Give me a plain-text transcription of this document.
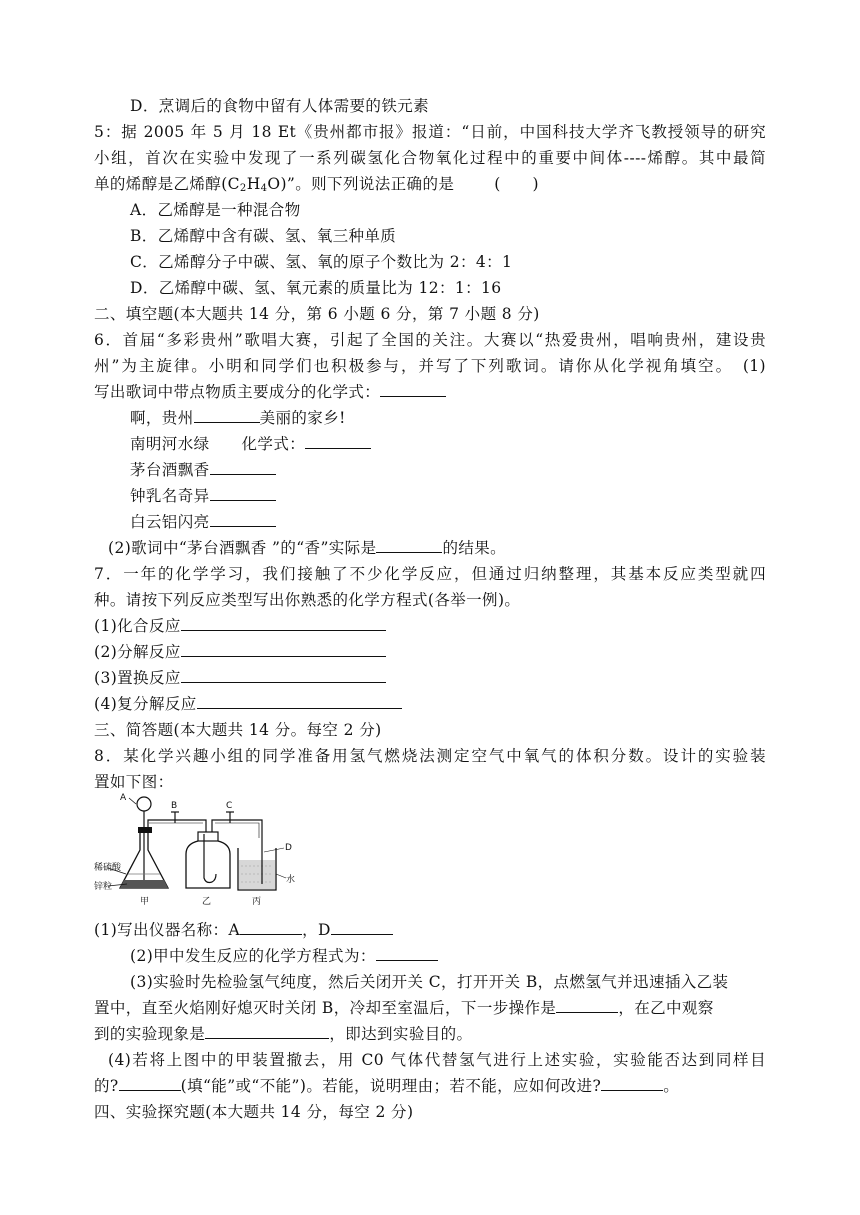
D．烹调后的食物中留有人体需要的铁元素
5：据 2005 年 5 月 18 Et《贵州都市报》报道：“日前，中国科技大学齐飞教授领导的研究
小组，首次在实验中发现了一系列碳氢化合物氧化过程中的重要中间体----烯醇。其中最简
单的烯醇是乙烯醇$(C_2H_4O)$”。则下列说法正确的是	(　　)
A．乙烯醇是一种混合物
B．乙烯醇中含有碳、氢、氧三种单质
C．乙烯醇分子中碳、氢、氧的原子个数比为 2：4：1
D．乙烯醇中碳、氢、氧元素的质量比为 12：1：16
二、填空题(本大题共 14 分，第 6 小题 6 分，第 7 小题 8 分)
6．首届“多彩贵州”歌唱大赛，引起了全国的关注。大赛以“热爱贵州，唱响贵州，建设贵
州”为主旋律。小明和同学们也积极参与，并写了下列歌词。请你从化学视角填空。　(1)
写出歌词中带点物质主要成分的化学式：
啊，贵州	美丽的家乡!
南明河水绿 化学式：
茅台酒飘香
钟乳名奇异
白云铝闪亮
(2)歌词中“茅台酒飘香 ”的“香”实际是	的结果。
7．一年的化学学习，我们接触了不少化学反应，但通过归纳整理，其基本反应类型就四
种。请按下列反应类型写出你熟悉的化学方程式(各举一例)。
(1)化合反应
(2)分解反应
(3)置换反应
(4)复分解反应
三、简答题(本大题共 14 分。每空 2 分)
8．某化学兴趣小组的同学准备用氢气燃烧法测定空气中氧气的体积分数。设计的实验装
置如下图：
A
B	C
D
稀硫酸
锌粒
水
甲	乙	丙
(1)写出仪器名称：A	，D
(2)甲中发生反应的化学方程式为：
(3)实验时先检验氢气纯度，然后关闭开关 C，打开开关 B，点燃氢气并迅速插入乙装
置中，直至火焰刚好熄灭时关闭 B，冷却至室温后，下一步操作是	，在乙中观察
到的实验现象是	，即达到实验目的。
(4)若将上图中的甲装置撤去，用 C0 气体代替氢气进行上述实验，实验能否达到同样目
的?	(填“能”或“不能”)。若能，说明理由；若不能，应如何改进?	。
四、实验探究题(本大题共 14 分，每空 2 分)
